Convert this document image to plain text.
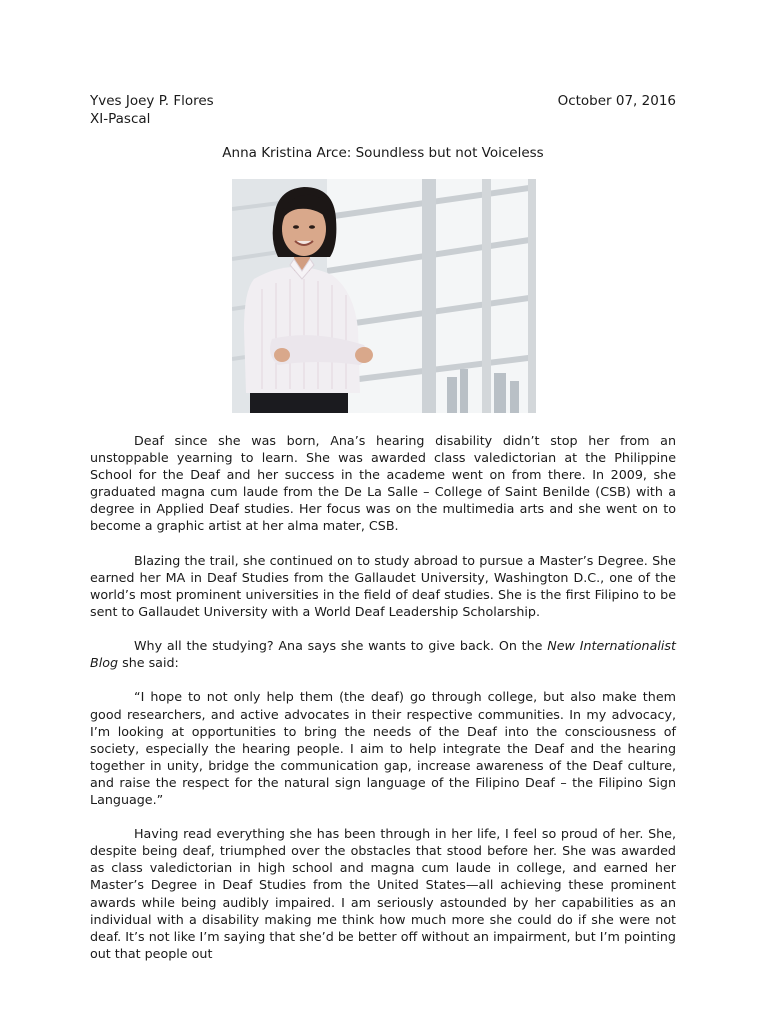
Yves Joey P. Flores
XI-Pascal
October 07, 2016
Anna Kristina Arce: Soundless but not Voiceless

Deaf since she was born, Ana’s hearing disability didn’t stop her from an unstoppable yearning to learn. She was awarded class valedictorian at the Philippine School for the Deaf and her success in the academe went on from there. In 2009, she graduated magna cum laude from the De La Salle – College of Saint Benilde (CSB) with a degree in Applied Deaf studies. Her focus was on the multimedia arts and she went on to become a graphic artist at her alma mater, CSB.

Blazing the trail, she continued on to study abroad to pursue a Master’s Degree. She earned her MA in Deaf Studies from the Gallaudet University, Washington D.C., one of the world’s most prominent universities in the field of deaf studies. She is the first Filipino to be sent to Gallaudet University with a World Deaf Leadership Scholarship.

Why all the studying? Ana says she wants to give back. On the New Internationalist Blog she said:

“I hope to not only help them (the deaf) go through college, but also make them good researchers, and active advocates in their respective communities. In my advocacy, I’m looking at opportunities to bring the needs of the Deaf into the consciousness of society, especially the hearing people. I aim to help integrate the Deaf and the hearing together in unity, bridge the communication gap, increase awareness of the Deaf culture, and raise the respect for the natural sign language of the Filipino Deaf – the Filipino Sign Language.”

Having read everything she has been through in her life, I feel so proud of her. She, despite being deaf, triumphed over the obstacles that stood before her. She was awarded as class valedictorian in high school and magna cum laude in college, and earned her Master’s Degree in Deaf Studies from the United States—all achieving these prominent awards while being audibly impaired. I am seriously astounded by her capabilities as an individual with a disability making me think how much more she could do if she were not deaf. It’s not like I’m saying that she’d be better off without an impairment, but I’m pointing out that people out
